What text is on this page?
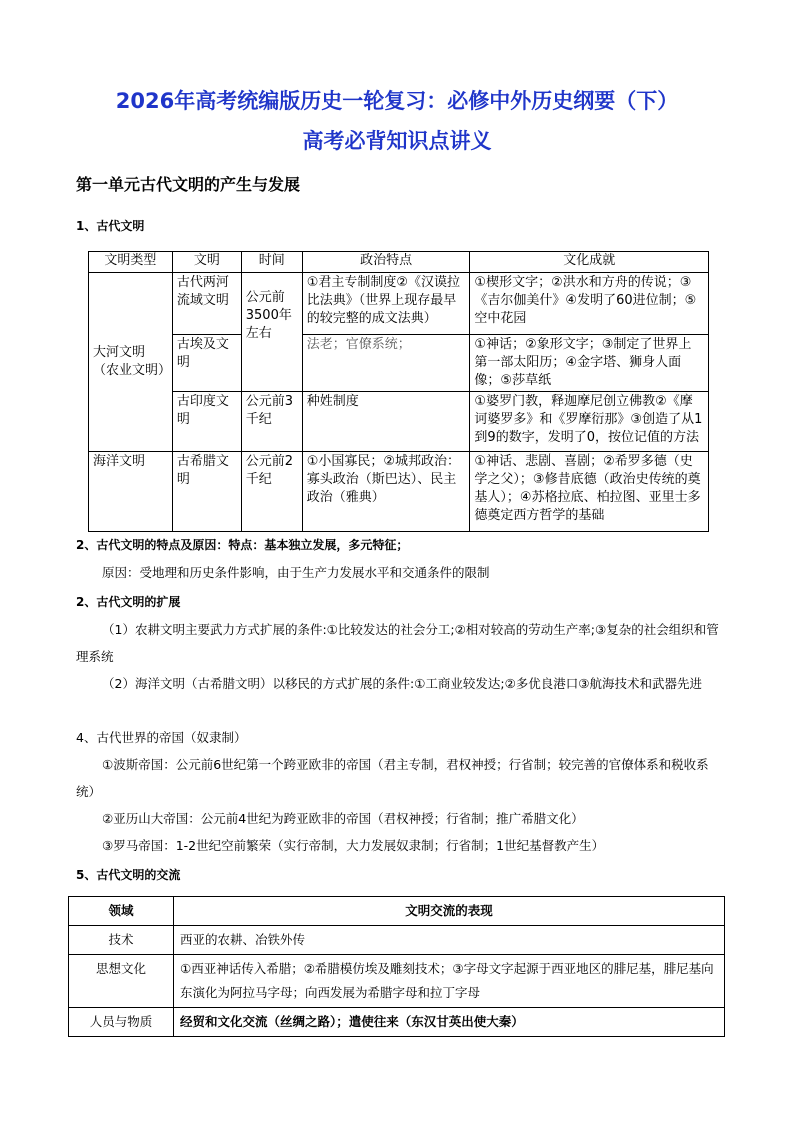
2026年高考统编版历史一轮复习：必修中外历史纲要（下）
高考必背知识点讲义
第一单元古代文明的产生与发展
1、古代文明
文明类型	文明	时间	政治特点	文化成就
大河文明（农业文明）	古代两河流域文明	公元前3500年左右	①君主专制制度②《汉谟拉比法典》（世界上现存最早的较完整的成文法典）	①楔形文字；②洪水和方舟的传说；③《吉尔伽美什》④发明了60进位制；⑤空中花园
	古埃及文明		法老；官僚系统；	①神话；②象形文字；③制定了世界上第一部太阳历；④金字塔、狮身人面像；⑤莎草纸
	古印度文明	公元前3千纪	种姓制度	①婆罗门教，释迦摩尼创立佛教②《摩诃婆罗多》和《罗摩衍那》③创造了从1到9的数字，发明了0，按位记值的方法
海洋文明	古希腊文明	公元前2千纪	①小国寡民；②城邦政治：寡头政治（斯巴达）、民主政治（雅典）	①神话、悲剧、喜剧；②希罗多德（史学之父）；③修昔底德（政治史传统的奠基人）；④苏格拉底、柏拉图、亚里士多德奠定西方哲学的基础
2、古代文明的特点及原因：特点：基本独立发展，多元特征；
原因：受地理和历史条件影响，由于生产力发展水平和交通条件的限制
2、古代文明的扩展
（1）农耕文明主要武力方式扩展的条件:①比较发达的社会分工;②相对较高的劳动生产率;③复杂的社会组织和管理系统
（2）海洋文明（古希腊文明）以移民的方式扩展的条件:①工商业较发达;②多优良港口③航海技术和武器先进
4、古代世界的帝国（奴隶制）
①波斯帝国：公元前6世纪第一个跨亚欧非的帝国（君主专制，君权神授；行省制；较完善的官僚体系和税收系统）
②亚历山大帝国：公元前4世纪为跨亚欧非的帝国（君权神授；行省制；推广希腊文化）
③罗马帝国：1-2世纪空前繁荣（实行帝制，大力发展奴隶制；行省制；1世纪基督教产生）
5、古代文明的交流
领域	文明交流的表现
技术	西亚的农耕、冶铁外传
思想文化	①西亚神话传入希腊；②希腊模仿埃及雕刻技术；③字母文字起源于西亚地区的腓尼基，腓尼基向东演化为阿拉马字母；向西发展为希腊字母和拉丁字母
人员与物质	经贸和文化交流（丝绸之路）；遣使往来（东汉甘英出使大秦）
